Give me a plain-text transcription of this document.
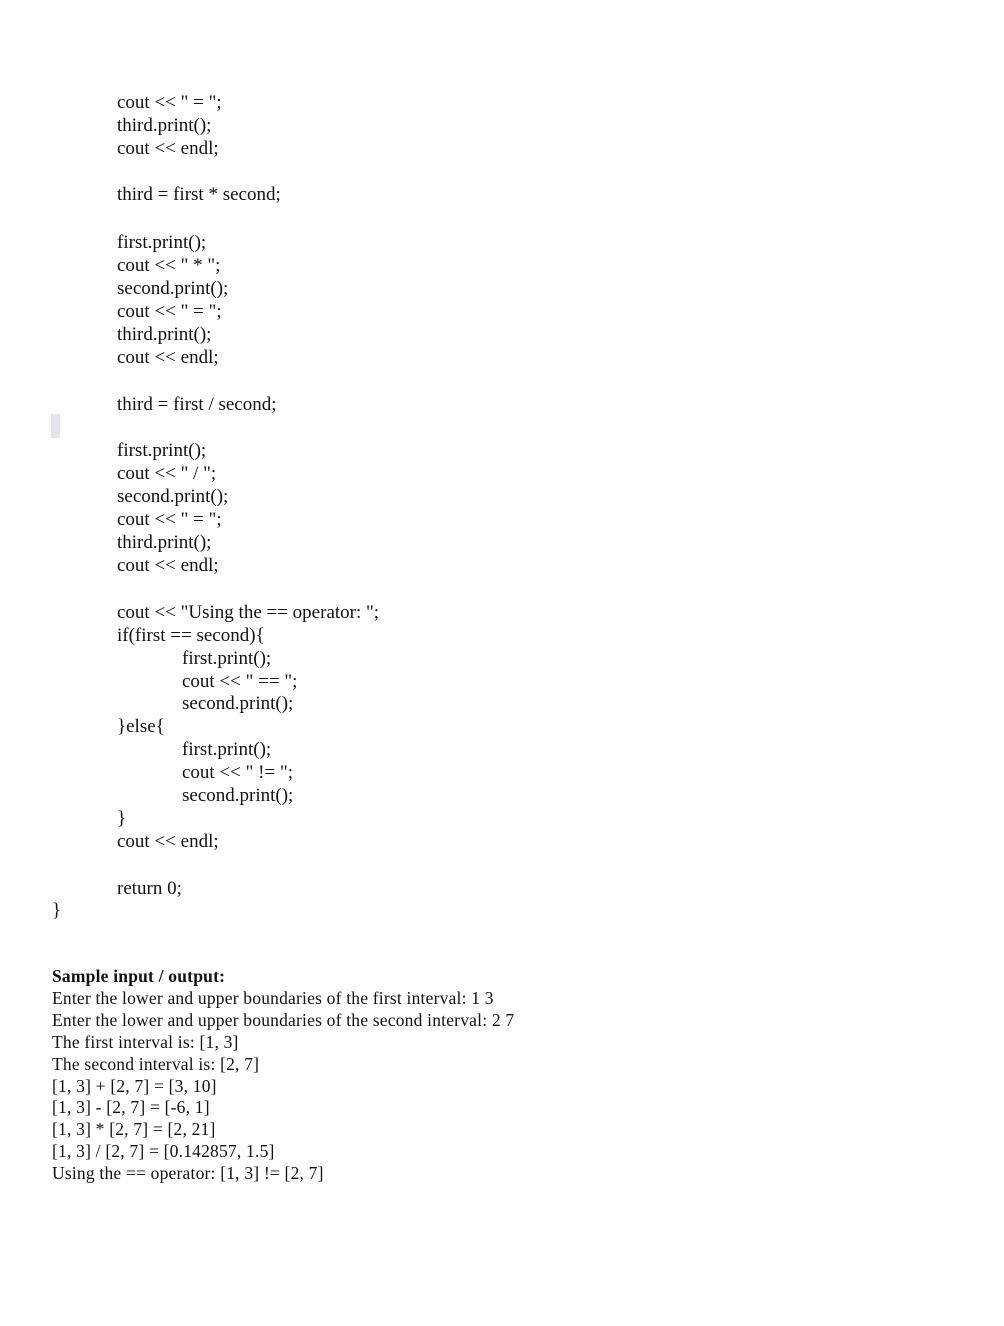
cout << " = ";

third.print();

cout << endl;

third = first * second;

first.print();

cout << " * ";

second.print();

cout << " = ";

third.print();

cout << endl;

third = first / second;

first.print();

cout << " / ";

second.print();

cout << " = ";

third.print();

cout << endl;

cout << "Using the == operator: ";

if(first == second){

first.print();

cout << " == ";

second.print();

}else{

first.print();

cout << " != ";

second.print();

}

cout << endl;

return 0;

}

Sample input / output:

Enter the lower and upper boundaries of the first interval: 1 3

Enter the lower and upper boundaries of the second interval: 2 7

The first interval is: [1, 3]

The second interval is: [2, 7]

[1, 3] + [2, 7] = [3, 10]

[1, 3] - [2, 7] = [-6, 1]

[1, 3] * [2, 7] = [2, 21]

[1, 3] / [2, 7] = [0.142857, 1.5]

Using the == operator: [1, 3] != [2, 7]
